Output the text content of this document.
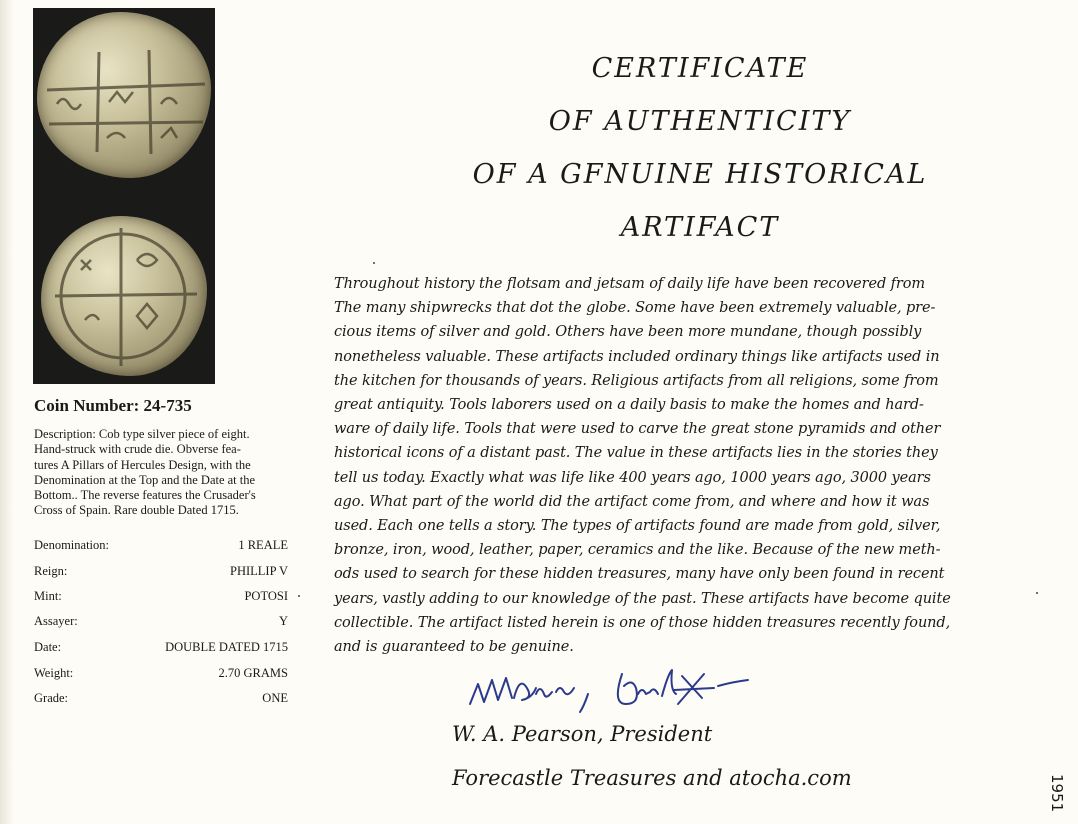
Coin Number: 24-735
Description: Cob type silver piece of eight.
Hand-struck with crude die. Obverse fea-
tures A Pillars of Hercules Design, with the
Denomination at the Top and the Date at the
Bottom.. The reverse features the Crusader's
Cross of Spain. Rare double Dated 1715.
Denomination:	1 REALE
Reign:	PHILLIP V
Mint:	POTOSI
Assayer:	Y
Date:	DOUBLE DATED 1715
Weight:	2.70 GRAMS
Grade:	ONE
CERTIFICATE
OF AUTHENTICITY
OF A GFNUINE HISTORICAL
ARTIFACT
Throughout history the flotsam and jetsam of daily life have been recovered from
The many shipwrecks that dot the globe. Some have been extremely valuable, pre-
cious items of silver and gold. Others have been more mundane, though possibly
nonetheless valuable. These artifacts included ordinary things like artifacts used in
the kitchen for thousands of years. Religious artifacts from all religions, some from
great antiquity. Tools laborers used on a daily basis to make the homes and hard-
ware of daily life. Tools that were used to carve the great stone pyramids and other
historical icons of a distant past. The value in these artifacts lies in the stories they
tell us today. Exactly what was life like 400 years ago, 1000 years ago, 3000 years
ago. What part of the world did the artifact come from, and where and how it was
used. Each one tells a story. The types of artifacts found are made from gold, silver,
bronze, iron, wood, leather, paper, ceramics and the like. Because of the new meth-
ods used to search for these hidden treasures, many have only been found in recent
years, vastly adding to our knowledge of the past. These artifacts have become quite
collectible. The artifact listed herein is one of those hidden treasures recently found,
and is guaranteed to be genuine.
W. A. Pearson, President
Forecastle Treasures and atocha.com	1951
